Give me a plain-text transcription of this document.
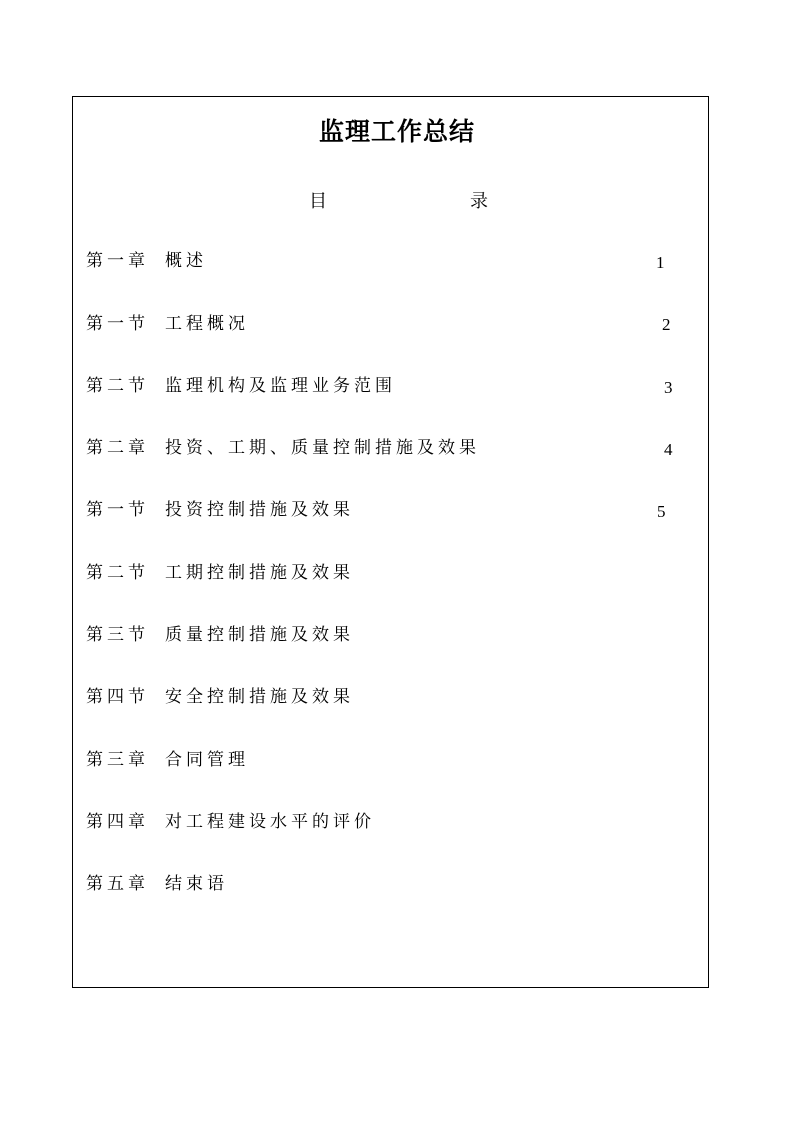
监理工作总结
目	录
第一章 概述	1
第一节 工程概况	2
第二节 监理机构及监理业务范围	3
第二章 投资、工期、质量控制措施及效果	4
第一节 投资控制措施及效果	5
第二节 工期控制措施及效果
第三节 质量控制措施及效果
第四节 安全控制措施及效果
第三章 合同管理
第四章 对工程建设水平的评价
第五章 结束语
